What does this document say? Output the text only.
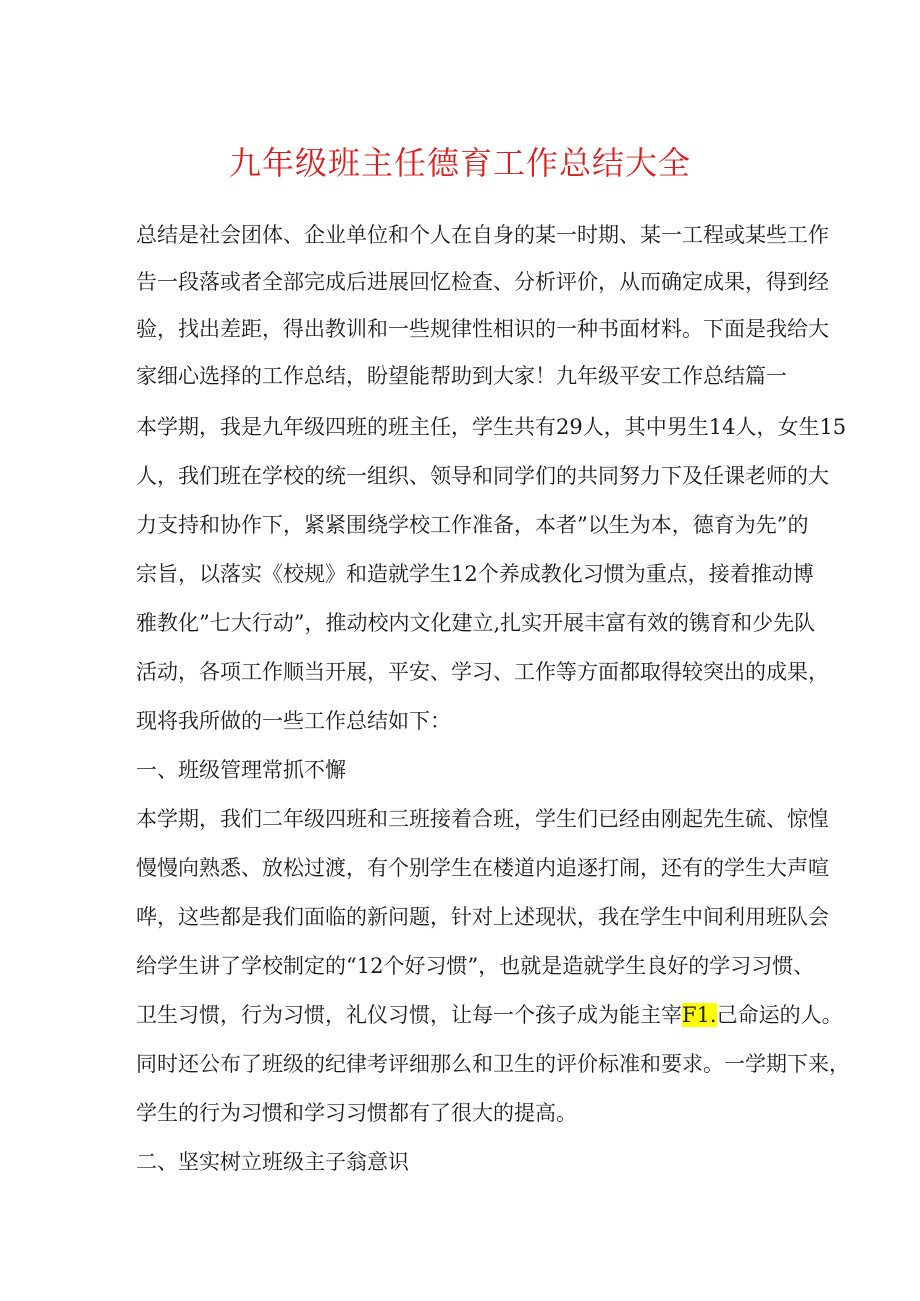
九年级班主任德育工作总结大全
总结是社会团体、企业单位和个人在自身的某一时期、某一工程或某些工作
告一段落或者全部完成后进展回忆检查、分析评价，从而确定成果，得到经
验，找出差距，得出教训和一些规律性相识的一种书面材料。下面是我给大
家细心选择的工作总结，盼望能帮助到大家！九年级平安工作总结篇一
本学期，我是九年级四班的班主任，学生共有29人，其中男生14人，女生15
人，我们班在学校的统一组织、领导和同学们的共同努力下及任课老师的大
力支持和协作下，紧紧围绕学校工作准备，本者”以生为本，德育为先”的
宗旨，以落实《校规》和造就学生12个养成教化习惯为重点，接着推动博
雅教化”七大行动”，推动校内文化建立,扎实开展丰富有效的镌育和少先队
活动，各项工作顺当开展，平安、学习、工作等方面都取得较突出的成果，
现将我所做的一些工作总结如下：
一、班级管理常抓不懈
本学期，我们二年级四班和三班接着合班，学生们已经由刚起先生硫、惊惶
慢慢向熟悉、放松过渡，有个别学生在楼道内追逐打闹，还有的学生大声喧
哗，这些都是我们面临的新问题，针对上述现状，我在学生中间利用班队会
给学生讲了学校制定的“12个好习惯”，也就是造就学生良好的学习习惯、
卫生习惯，行为习惯，礼仪习惯，让每一个孩子成为能主宰F1.己命运的人。
同时还公布了班级的纪律考评细那么和卫生的评价标准和要求。一学期下来，
学生的行为习惯和学习习惯都有了很大的提高。
二、坚实树立班级主子翁意识
